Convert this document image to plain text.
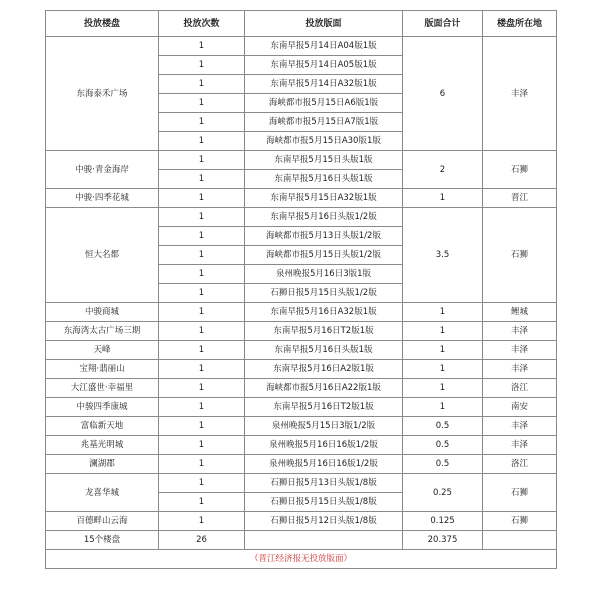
投放楼盘	投放次数	投放版面	版面合计	楼盘所在地
东海泰禾广场	1	东南早报5月14日A04版1版	6	丰泽
	1	东南早报5月14日A05版1版		
	1	东南早报5月14日A32版1版		
	1	海峡都市报5月15日A6版1版		
	1	海峡都市报5月15日A7版1版		
	1	海峡都市报5月15日A30版1版		
中骏·青金海岸	1	东南早报5月15日头版1版	2	石狮
	1	东南早报5月16日头版1版		
中骏·四季花城	1	东南早报5月15日A32版1版	1	晋江
恒大名都	1	东南早报5月16日头版1/2版	3.5	石狮
	1	海峡都市报5月13日头版1/2版		
	1	海峡都市报5月15日头版1/2版		
	1	泉州晚报5月16日3版1版		
	1	石狮日报5月15日头版1/2版		
中骏商城	1	东南早报5月16日A32版1版	1	鲤城
东海湾太古广场三期	1	东南早报5月16日T2版1版	1	丰泽
天峰	1	东南早报5月16日头版1版	1	丰泽
宝翔·翡丽山	1	东南早报5月16日A2版1版	1	丰泽
大江盛世·幸福里	1	海峡都市报5月16日A22版1版	1	洛江
中骏四季康城	1	东南早报5月16日T2版1版	1	南安
富临新天地	1	泉州晚报5月15日3版1/2版	0.5	丰泽
兆基光明城	1	泉州晚报5月16日16版1/2版	0.5	丰泽
澜湖郡	1	泉州晚报5月16日16版1/2版	0.5	洛江
龙喜华城	1	石狮日报5月13日头版1/8版	0.25	石狮
	1	石狮日报5月15日头版1/8版		
百德畔山云海	1	石狮日报5月12日头版1/8版	0.125	石狮
15个楼盘	26		20.375	
（晋江经济报无投放版面）				
■ ■ ■ ■ ■ ■ ■
